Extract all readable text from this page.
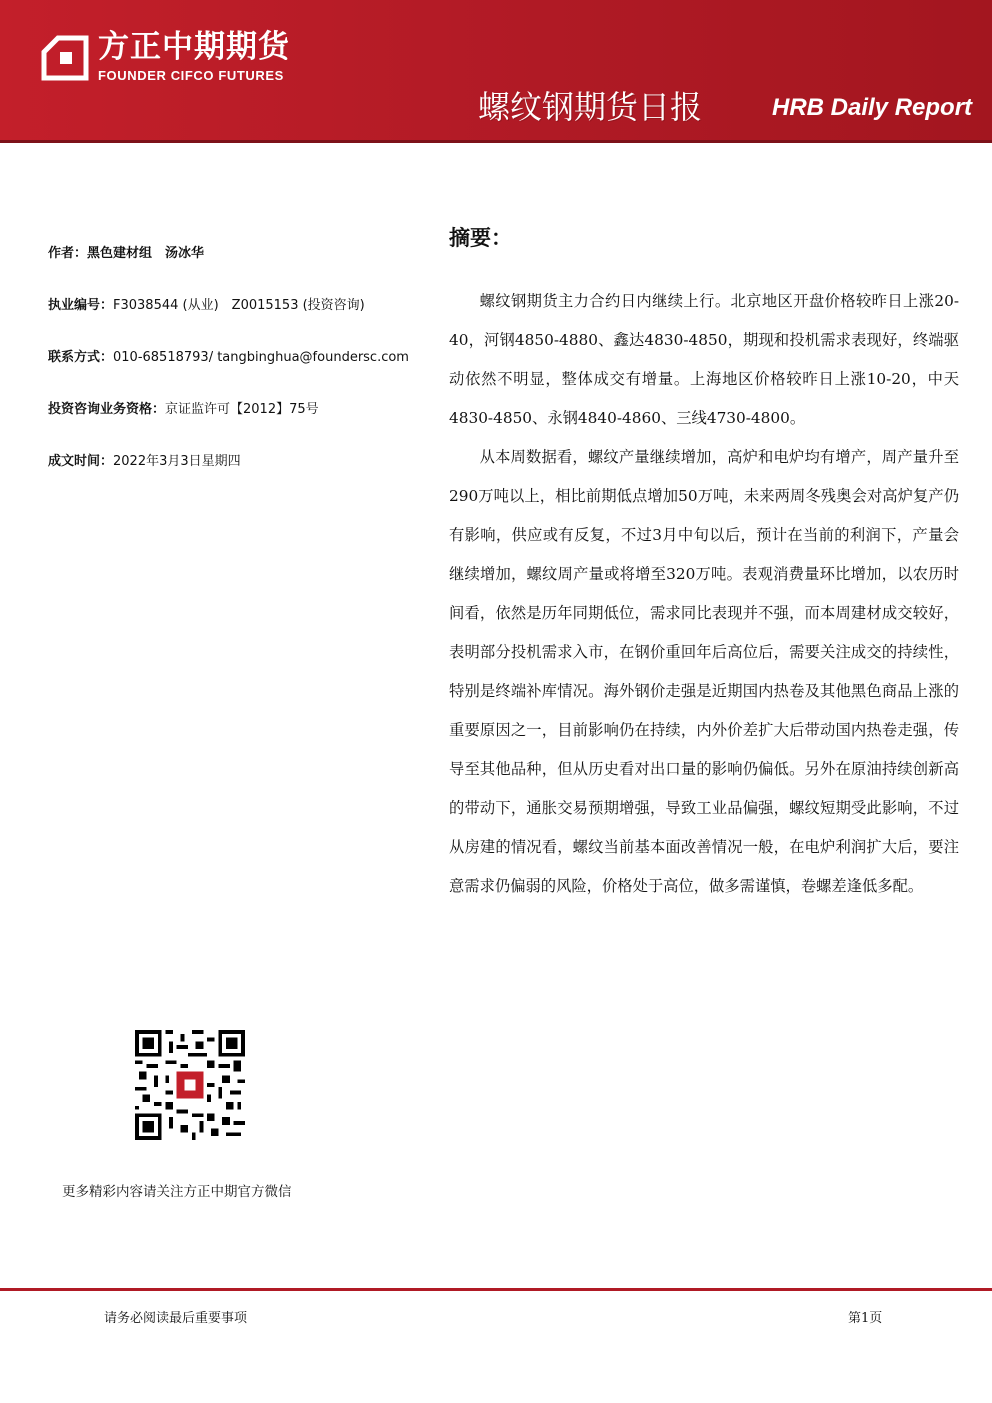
方正中期期货
FOUNDER CIFCO FUTURES
螺纹钢期货日报	HRB Daily Report
作者：黑色建材组　汤冰华
执业编号：F3038544 (从业)　Z0015153 (投资咨询)
联系方式：010-68518793/ tangbinghua@foundersc.com
投资咨询业务资格：京证监许可【2012】75号
成文时间：2022年3月3日星期四
摘要：

螺纹钢期货主力合约日内继续上行。北京地区开盘价格较昨日上涨20-40，河钢4850-4880、鑫达4830-4850，期现和投机需求表现好，终端驱动依然不明显，整体成交有增量。上海地区价格较昨日上涨10-20，中天4830-4850、永钢4840-4860、三线4730-4800。

从本周数据看，螺纹产量继续增加，高炉和电炉均有增产，周产量升至290万吨以上，相比前期低点增加50万吨，未来两周冬残奥会对高炉复产仍有影响，供应或有反复，不过3月中旬以后，预计在当前的利润下，产量会继续增加，螺纹周产量或将增至320万吨。表观消费量环比增加，以农历时间看，依然是历年同期低位，需求同比表现并不强，而本周建材成交较好，表明部分投机需求入市，在钢价重回年后高位后，需要关注成交的持续性，特别是终端补库情况。海外钢价走强是近期国内热卷及其他黑色商品上涨的重要原因之一，目前影响仍在持续，内外价差扩大后带动国内热卷走强，传导至其他品种，但从历史看对出口量的影响仍偏低。另外在原油持续创新高的带动下，通胀交易预期增强，导致工业品偏强，螺纹短期受此影响，不过从房建的情况看，螺纹当前基本面改善情况一般，在电炉利润扩大后，要注意需求仍偏弱的风险，价格处于高位，做多需谨慎，卷螺差逢低多配。

更多精彩内容请关注方正中期官方微信
请务必阅读最后重要事项	第1页
